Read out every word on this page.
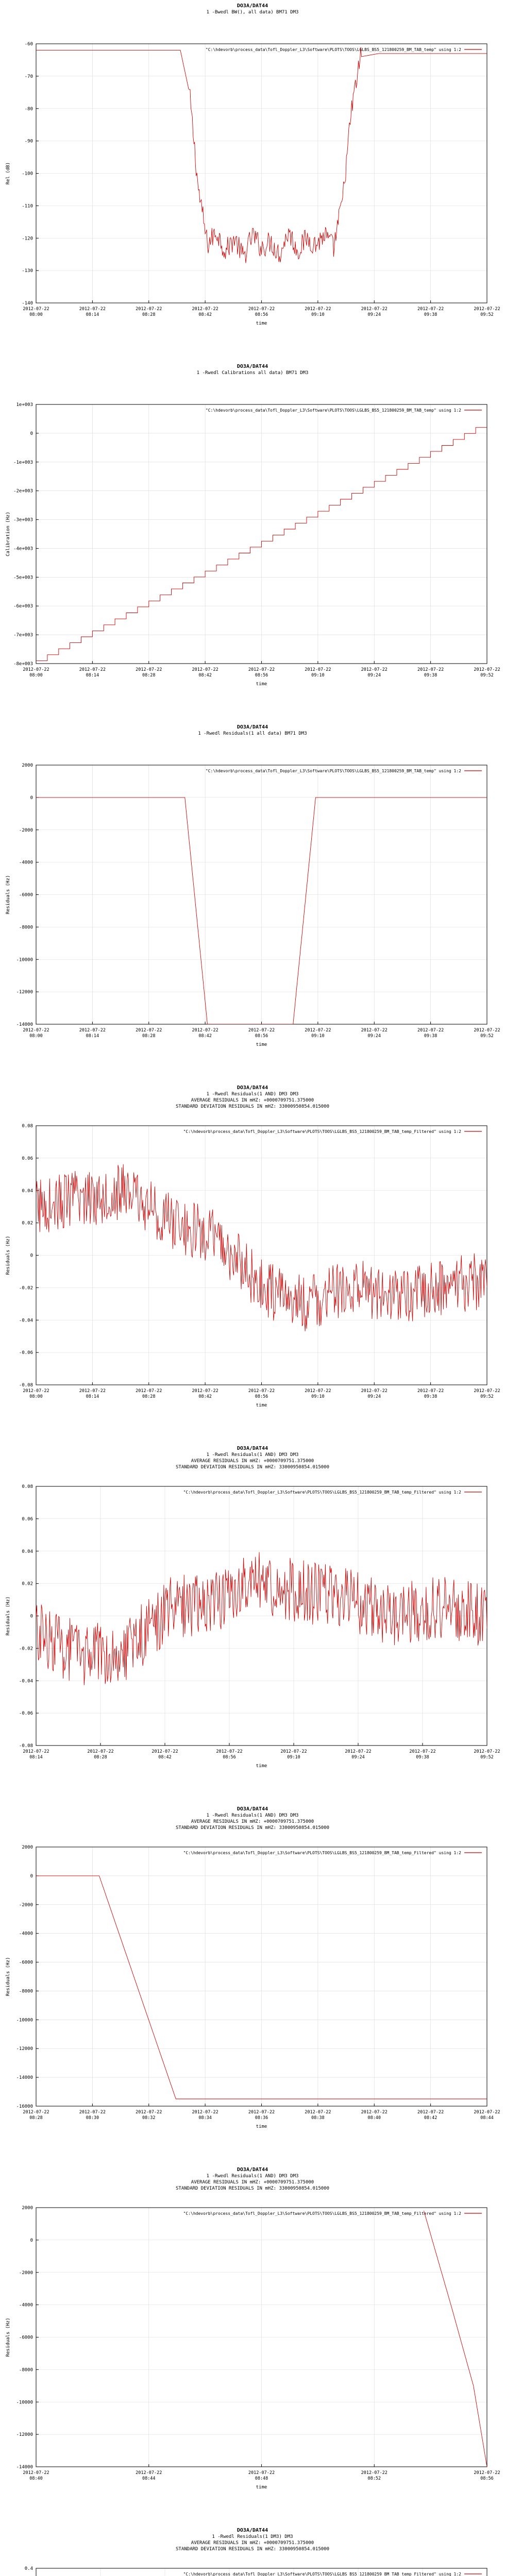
DO3A/DAT44
1 -Bwedl BW(), all data) BM71 DM3
-60
-70
-80
-90
-100
-110
-120
-130
-140
2012-07-22
08:00
2012-07-22
08:14
2012-07-22
08:28
2012-07-22
08:42
2012-07-22
08:56
2012-07-22
09:10
2012-07-22
09:24
2012-07-22
09:38
2012-07-22
09:52
time
Rel (dB)
"C:\hdevorb\process_data\Tofl_Doppler_L3\Software\PLOTS\TOOS\LGLBS_BS5_121800259_BM_TAB_temp" using 1:2
DO3A/DAT44
1 -Rwedl Calibrations all data) BM71 DM3
1e+003
0
-1e+003
-2e+003
-3e+003
-4e+003
-5e+003
-6e+003
-7e+003
-8e+003
2012-07-22
08:00
2012-07-22
08:14
2012-07-22
08:28
2012-07-22
08:42
2012-07-22
08:56
2012-07-22
09:10
2012-07-22
09:24
2012-07-22
09:38
2012-07-22
09:52
time
Calibration (Hz)
"C:\hdevorb\process_data\Tofl_Doppler_L3\Software\PLOTS\TOOS\LGLBS_BS5_121800259_BM_TAB_temp" using 1:2
DO3A/DAT44
1 -Rwedl Residuals(1 all data) BM71 DM3
2000
0
-2000
-4000
-6000
-8000
-10000
-12000
-14000
2012-07-22
08:00
2012-07-22
08:14
2012-07-22
08:28
2012-07-22
08:42
2012-07-22
08:56
2012-07-22
09:10
2012-07-22
09:24
2012-07-22
09:38
2012-07-22
09:52
time
Residuals (Hz)
"C:\hdevorb\process_data\Tofl_Doppler_L3\Software\PLOTS\TOOS\LGLBS_BS5_121800259_BM_TAB_temp" using 1:2
DO3A/DAT44
1 -Rwedl Residuals(1 AND) DM3 DM3
AVERAGE RESIDUALS IN mHZ: +0000709751.375000
STANDARD DEVIATION RESIDUALS IN mHZ: 33000950854.015000
0.08
0.06
0.04
0.02
0
-0.02
-0.04
-0.06
-0.08
2012-07-22
08:00
2012-07-22
08:14
2012-07-22
08:28
2012-07-22
08:42
2012-07-22
08:56
2012-07-22
09:10
2012-07-22
09:24
2012-07-22
09:38
2012-07-22
09:52
time
Residuals (Hz)
"C:\hdevorb\process_data\Tofl_Doppler_L3\Software\PLOTS\TOOS\LGLBS_BS5_121800259_BM_TAB_temp_Filtered" using 1:2
DO3A/DAT44
1 -Rwedl Residuals(1 AND) DM3 DM3
AVERAGE RESIDUALS IN mHZ: +0000709751.375000
STANDARD DEVIATION RESIDUALS IN mHZ: 33000950854.015000
0.08
0.06
0.04
0.02
0
-0.02
-0.04
-0.06
-0.08
2012-07-22
08:14
2012-07-22
08:28
2012-07-22
08:42
2012-07-22
08:56
2012-07-22
09:10
2012-07-22
09:24
2012-07-22
09:38
2012-07-22
09:52
time
Residuals (Hz)
"C:\hdevorb\process_data\Tofl_Doppler_L3\Software\PLOTS\TOOS\LGLBS_BS5_121800259_BM_TAB_temp_Filtered" using 1:2
DO3A/DAT44
1 -Rwedl Residuals(1 AND) DM3 DM3
AVERAGE RESIDUALS IN mHZ: +0000709751.375000
STANDARD DEVIATION RESIDUALS IN mHZ: 33000950854.015000
2000
0
-2000
-4000
-6000
-8000
-10000
-12000
-14000
-16000
2012-07-22
08:28
2012-07-22
08:30
2012-07-22
08:32
2012-07-22
08:34
2012-07-22
08:36
2012-07-22
08:38
2012-07-22
08:40
2012-07-22
08:42
2012-07-22
08:44
time
Residuals (Hz)
"C:\hdevorb\process_data\Tofl_Doppler_L3\Software\PLOTS\TOOS\LGLBS_BS5_121800259_BM_TAB_temp_Filtered" using 1:2
DO3A/DAT44
1 -Rwedl Residuals(1 AND) DM3 DM3
AVERAGE RESIDUALS IN mHZ: +0000709751.375000
STANDARD DEVIATION RESIDUALS IN mHZ: 33000950854.015000
2000
0
-2000
-4000
-6000
-8000
-10000
-12000
-14000
2012-07-22
08:40
2012-07-22
08:44
2012-07-22
08:48
2012-07-22
08:52
2012-07-22
08:56
time
Residuals (Hz)
"C:\hdevorb\process_data\Tofl_Doppler_L3\Software\PLOTS\TOOS\LGLBS_BS5_121800259_BM_TAB_temp_Filtered" using 1:2
DO3A/DAT44
1 -Rwedl Residuals(1 DM3) DM3
AVERAGE RESIDUALS IN mHZ: +0000709751.375000
STANDARD DEVIATION RESIDUALS IN mHZ: 33000950854.015000
0.4
"C:\hdevorb\process_data\Tofl_Doppler_L3\Software\PLOTS\TOOS\LGLBS_BS5_121800259_BM_TAB_temp_Filtered" using 1:2
